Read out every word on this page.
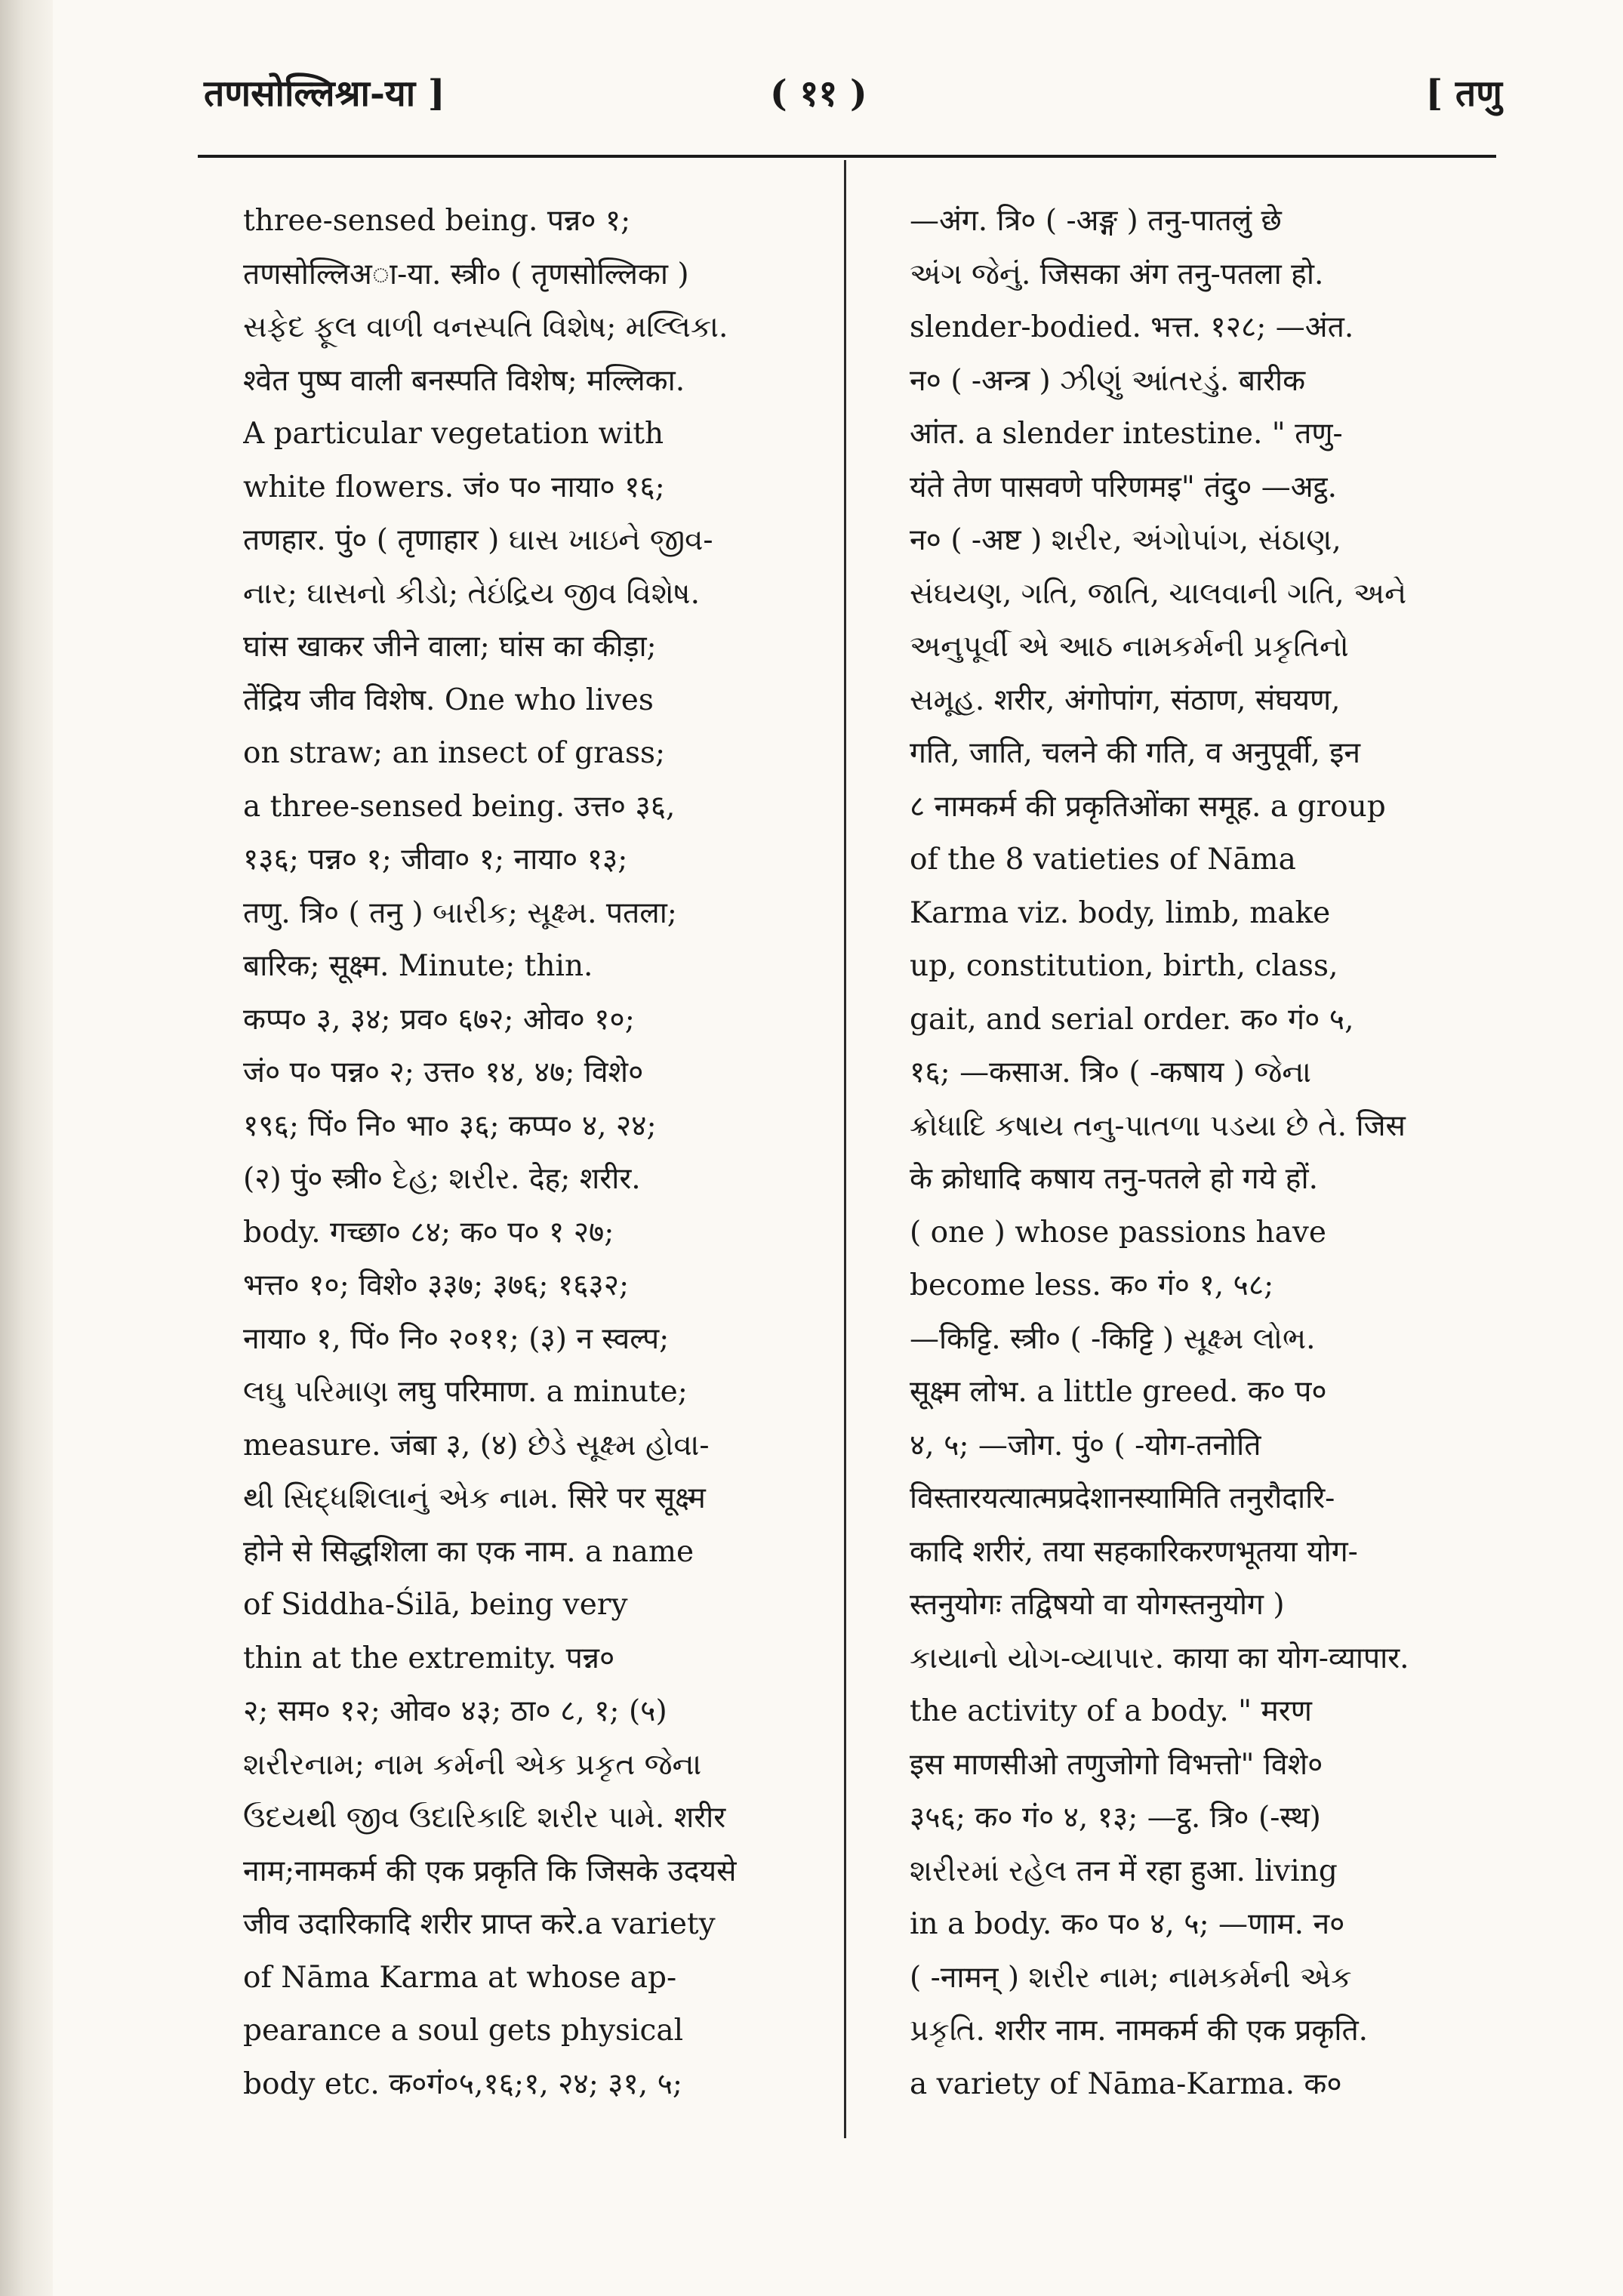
तणसोल्लिश्रा-या ]	( ११ )	[ तणु
three-sensed being. पन्न० १;
तणसोल्लिअा-या. स्त्री० ( तृणसोल्लिका )
સફેદ ફૂલ વાળી વનસ્પતિ વિશેષ; મલ્લિકા.
श्वेत पुष्प वाली बनस्पति विशेष; मल्लिका.
A particular vegetation with
white flowers. जं० प० नाया० १६;
तणहार. पुं० ( तृणाहार ) ઘાસ ખાઇને જીવ-
નાર; ઘાસનો કીડો; તેઇંદ્રિય જીવ વિશેષ.
घांस खाकर जीने वाला; घांस का कीड़ा;
तेंद्रिय जीव विशेष. One who lives
on straw; an insect of grass;
a three-sensed being. उत्त० ३६,
१३६; पन्न० १; जीवा० १; नाया० १३;
तणु. त्रि० ( तनु ) બારીક; સૂક્ષ્મ. पतला;
बारिक; सूक्ष्म. Minute; thin.
कप्प० ३, ३४; प्रव० ६७२; ओव० १०;
जं० प० पन्न० २; उत्त० १४, ४७; विशे०
१९६; पिं० नि० भा० ३६; कप्प० ४, २४;
(२) पुं० स्त्री० દેહ; શરીર. देह; शरीर.
body. गच्छा० ८४; क० प० १ २७;
भत्त० १०; विशे० ३३७; ३७६; १६३२;
नाया० १, पिं० नि० २०११; (३) न स्वल्प;
લઘુ પરિમાણ लघु परिमाण. a minute;
measure. जंबा ३, (४) છેડે સૂક્ષ્મ હોવા-
થી સિદ્ધશિલાનું એક નામ. सिरे पर सूक्ष्म
होने से सिद्धशिला का एक नाम. a name
of Siddha-Śilā, being very
thin at the extremity. पन्न०
२; सम० १२; ओव० ४३; ठा० ८, १; (५)
શરીરનામ; નામ કર્મની એક પ્રકૃત જેના
ઉદયથી જીવ ઉદારિકાદિ શરીર પામે. शरीर
नाम;नामकर्म की एक प्रकृति कि जिसके उदयसे
जीव उदारिकादि शरीर प्राप्त करे.a variety
of Nāma Karma at whose ap-
pearance a soul gets physical
body etc. क०गं०५,१६;१, २४; ३१, ५;
—अंग. त्रि० ( -अङ्ग ) तनु-पातलुं छे
અંગ જેનું. जिसका अंग तनु-पतला हो.
slender-bodied. भत्त. १२८; —अंत.
न० ( -अन्त्र ) ઝીણું આંતરડું. बारीक
आंत. a slender intestine. " तणु-
यंते तेण पासवणे परिणमइ" तंदु० —अट्ठ.
न० ( -अष्ट ) શરીર, અંગોપાંગ, સંઠાણ,
સંઘયણ, ગતિ, જાતિ, ચાલવાની ગતિ, અને
અનુપૂર્વી એ આઠ નામકર્મની પ્રકૃતિનો
સમૂહ. शरीर, अंगोपांग, संठाण, संघयण,
गति, जाति, चलने की गति, व अनुपूर्वी, इन
८ नामकर्म की प्रकृतिओंका समूह. a group
of the 8 vatieties of Nāma
Karma viz. body, limb, make
up, constitution, birth, class,
gait, and serial order. क० गं० ५,
१६; —कसाअ. त्रि० ( -कषाय ) જેના
ક્રોધાદિ કષાય તનુ-પાતળા પડયા છે તે. जिस
के क्रोधादि कषाय तनु-पतले हो गये हों.
( one ) whose passions have
become less. क० गं० १, ५८;
—किट्टि. स्त्री० ( -किट्टि ) સૂક્ષ્મ લોભ.
सूक्ष्म लोभ. a little greed. क० प०
४, ५; —जोग. पुं० ( -योग-तनोति
विस्तारयत्यात्मप्रदेशानस्यामिति तनुरौदारि-
कादि शरीरं, तया सहकारिकरणभूतया योग-
स्तनुयोगः तद्विषयो वा योगस्तनुयोग )
કાયાનો યોગ-વ્યાપાર. काया का योग-व्यापार.
the activity of a body. " मरण
इस माणसीओ तणुजोगो विभत्तो" विशे०
३५६; क० गं० ४, १३; —ट्ठ. त्रि० (-स्थ)
શરીરમાં રહેલ तन में रहा हुआ. living
in a body. क० प० ४, ५; —णाम. न०
( -नामन् ) શરીર નામ; નામકર્મની એક
પ્રકૃતિ. शरीर नाम. नामकर्म की एक प्रकृति.
a variety of Nāma-Karma. क०
